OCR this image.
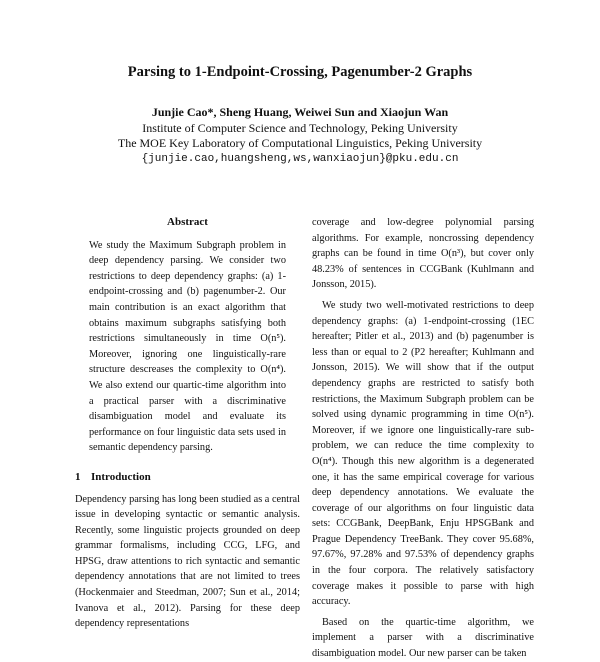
Parsing to 1-Endpoint-Crossing, Pagenumber-2 Graphs
Junjie Cao*, Sheng Huang, Weiwei Sun and Xiaojun Wan
Institute of Computer Science and Technology, Peking University
The MOE Key Laboratory of Computational Linguistics, Peking University
{junjie.cao,huangsheng,ws,wanxiaojun}@pku.edu.cn
Abstract

We study the Maximum Subgraph problem in deep dependency parsing. We consider two restrictions to deep dependency graphs: (a) 1-endpoint-crossing and (b) pagenumber-2. Our main contribution is an exact algorithm that obtains maximum subgraphs satisfying both restrictions simultaneously in time O(n⁵). Moreover, ignoring one linguistically-rare structure descreases the complexity to O(n⁴). We also extend our quartic-time algorithm into a practical parser with a discriminative disambiguation model and evaluate its performance on four linguistic data sets used in semantic dependency parsing.

1 Introduction

Dependency parsing has long been studied as a central issue in developing syntactic or semantic analysis. Recently, some linguistic projects grounded on deep grammar formalisms, including CCG, LFG, and HPSG, draw attentions to rich syntactic and semantic dependency annotations that are not limited to trees (Hockenmaier and Steedman, 2007; Sun et al., 2014; Ivanova et al., 2012). Parsing for these deep dependency representations

coverage and low-degree polynomial parsing algorithms. For example, noncrossing dependency graphs can be found in time O(n³), but cover only 48.23% of sentences in CCGBank (Kuhlmann and Jonsson, 2015).

We study two well-motivated restrictions to deep dependency graphs: (a) 1-endpoint-crossing (1EC hereafter; Pitler et al., 2013) and (b) pagenumber is less than or equal to 2 (P2 hereafter; Kuhlmann and Jonsson, 2015). We will show that if the output dependency graphs are restricted to satisfy both restrictions, the Maximum Subgraph problem can be solved using dynamic programming in time O(n⁵). Moreover, if we ignore one linguistically-rare sub-problem, we can reduce the time complexity to O(n⁴). Though this new algorithm is a degenerated one, it has the same empirical coverage for various deep dependency annotations. We evaluate the coverage of our algorithms on four linguistic data sets: CCGBank, DeepBank, Enju HPSGBank and Prague Dependency TreeBank. They cover 95.68%, 97.67%, 97.28% and 97.53% of dependency graphs in the four corpora. The relatively satisfactory coverage makes it possible to parse with high accuracy.

Based on the quartic-time algorithm, we implement a parser with a discriminative disambiguation model. Our new parser can be taken
